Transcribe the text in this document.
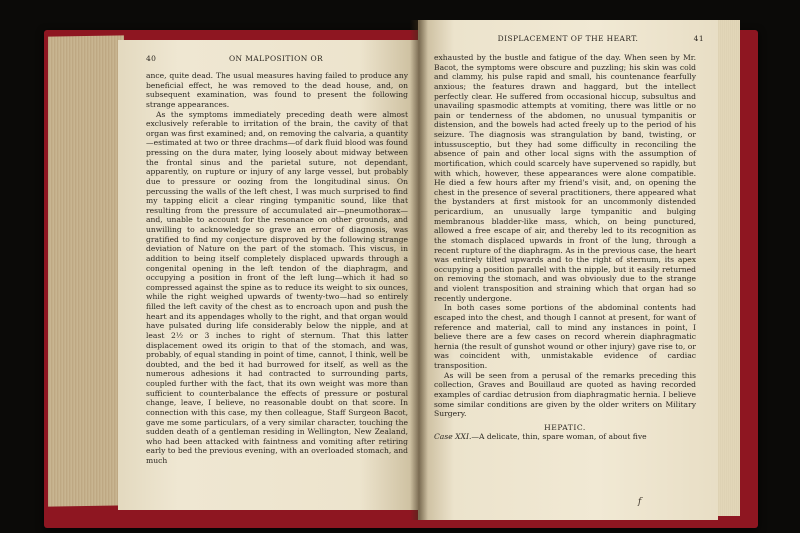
40	ON MALPOSITION OR

ance, quite dead. The usual measures having failed to produce any beneficial effect, he was removed to the dead house, and, on subsequent examination, was found to present the following strange appearances.

As the symptoms immediately preceding death were almost exclusively referable to irritation of the brain, the cavity of that organ was first examined; and, on removing the calvaria, a quantity—estimated at two or three drachms—of dark fluid blood was found pressing on the dura mater, lying loosely about midway between the frontal sinus and the parietal suture, not dependant, apparently, on rupture or injury of any large vessel, but probably due to pressure or oozing from the longitudinal sinus. On percussing the walls of the left chest, I was much surprised to find my tapping elicit a clear ringing tympanitic sound, like that resulting from the pressure of accumulated air—pneumothorax—and, unable to account for the resonance on other grounds, and unwilling to acknowledge so grave an error of diagnosis, was gratified to find my conjecture disproved by the following strange deviation of Nature on the part of the stomach. This viscus, in addition to being itself completely displaced upwards through a congenital opening in the left tendon of the diaphragm, and occupying a position in front of the left lung—which it had so compressed against the spine as to reduce its weight to six ounces, while the right weighed upwards of twenty-two—had so entirely filled the left cavity of the chest as to encroach upon and push the heart and its appendages wholly to the right, and that organ would have pulsated during life considerably below the nipple, and at least 2½ or 3 inches to right of sternum. That this latter displacement owed its origin to that of the stomach, and was, probably, of equal standing in point of time, cannot, I think, well be doubted, and the bed it had burrowed for itself, as well as the numerous adhesions it had contracted to surrounding parts, coupled further with the fact, that its own weight was more than sufficient to counterbalance the effects of pressure or postural change, leave, I believe, no reasonable doubt on that score. In connection with this case, my then colleague, Staff Surgeon Bacot, gave me some particulars, of a very similar character, touching the sudden death of a gentleman residing in Wellington, New Zealand, who had been attacked with faintness and vomiting after retiring early to bed the previous evening, with an overloaded stomach, and much

DISPLACEMENT OF THE HEART.	41

exhausted by the bustle and fatigue of the day. When seen by Mr. Bacot, the symptoms were obscure and puzzling; his skin was cold and clammy, his pulse rapid and small, his countenance fearfully anxious; the features drawn and haggard, but the intellect perfectly clear. He suffered from occasional hiccup, subsultus and unavailing spasmodic attempts at vomiting, there was little or no pain or tenderness of the abdomen, no unusual tympanitis or distension, and the bowels had acted freely up to the period of his seizure. The diagnosis was strangulation by band, twisting, or intussusceptio, but they had some difficulty in reconciling the absence of pain and other local signs with the assumption of mortification, which could scarcely have supervened so rapidly, but with which, however, these appearances were alone compatible. He died a few hours after my friend's visit, and, on opening the chest in the presence of several practitioners, there appeared what the bystanders at first mistook for an uncommonly distended pericardium, an unusually large tympanitic and bulging membranous bladder-like mass, which, on being punctured, allowed a free escape of air, and thereby led to its recognition as the stomach displaced upwards in front of the lung, through a recent rupture of the diaphragm. As in the previous case, the heart was entirely tilted upwards and to the right of sternum, its apex occupying a position parallel with the nipple, but it easily returned on removing the stomach, and was obviously due to the strange and violent transposition and straining which that organ had so recently undergone.

In both cases some portions of the abdominal contents had escaped into the chest, and though I cannot at present, for want of reference and material, call to mind any instances in point, I believe there are a few cases on record wherein diaphragmatic hernia (the result of gunshot wound or other injury) gave rise to, or was coincident with, unmistakable evidence of cardiac transposition.

As will be seen from a perusal of the remarks preceding this collection, Graves and Bouillaud are quoted as having recorded examples of cardiac detrusion from diaphragmatic hernia. I believe some similar conditions are given by the older writers on Military Surgery.

HEPATIC.

Case XXI.—A delicate, thin, spare woman, of about five

f
